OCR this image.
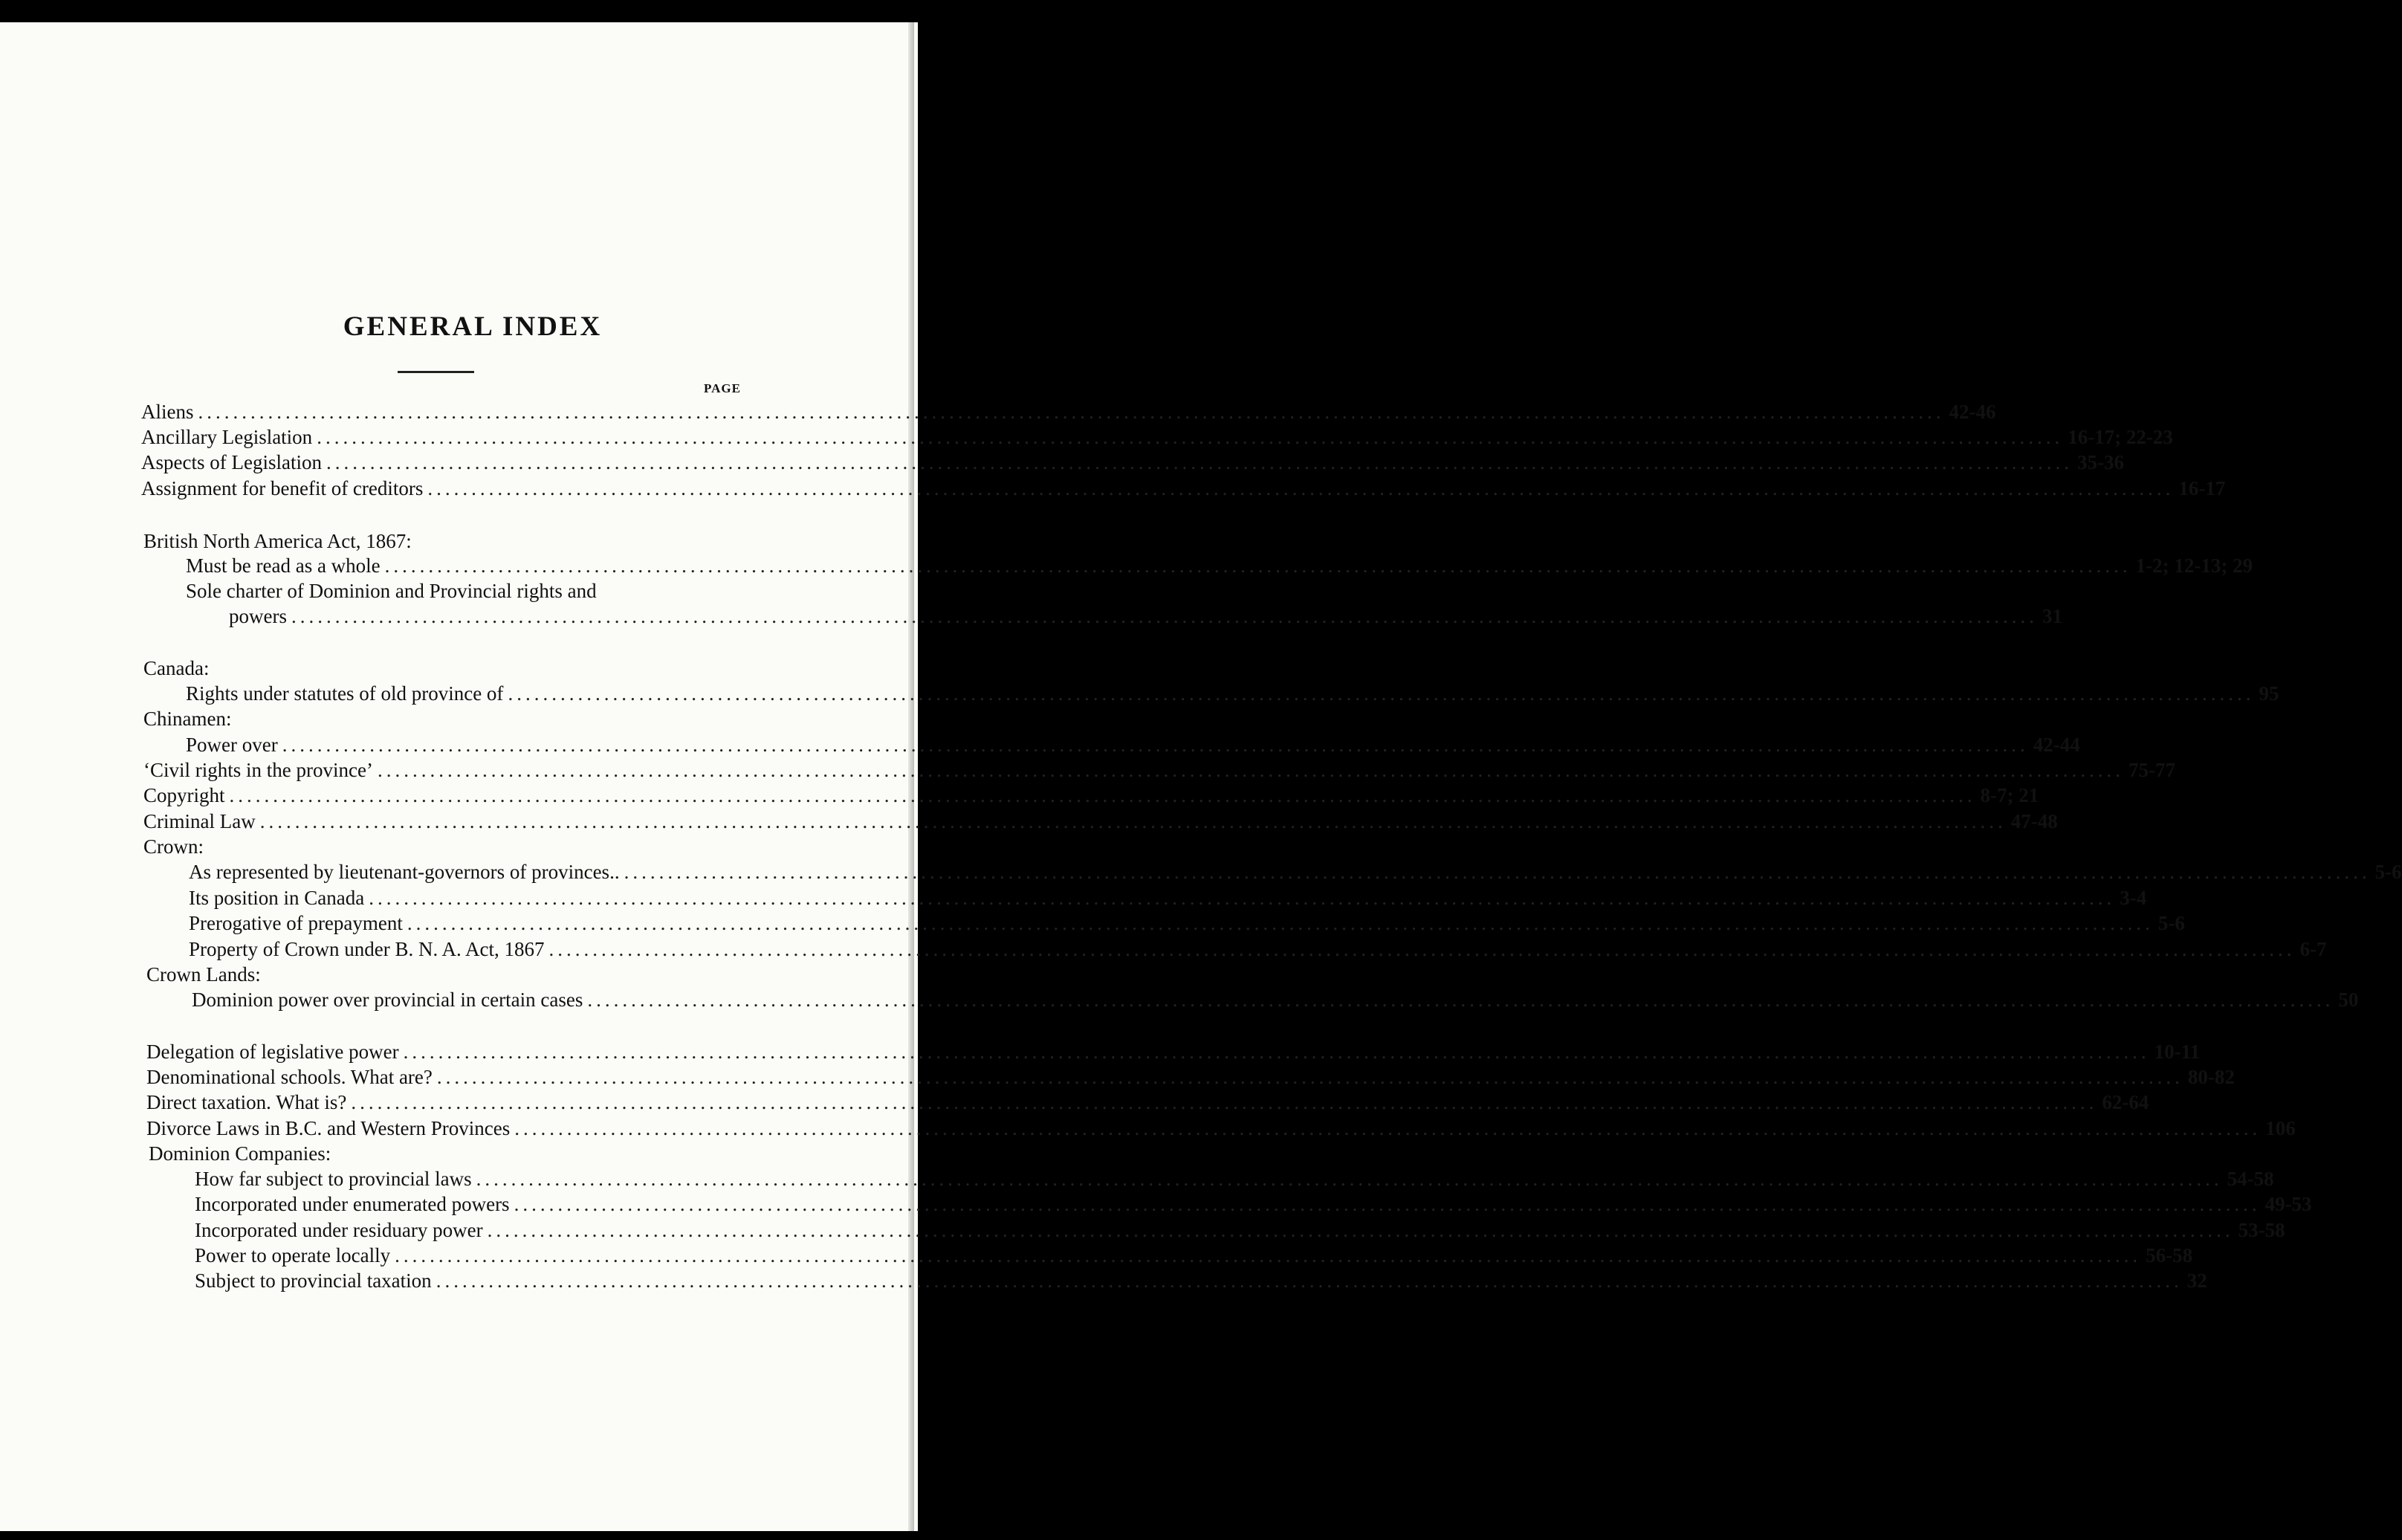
GENERAL INDEX
PAGE
Aliens ........................................................................................................................................................................................................ 42-46
Ancillary Legislation ........................................................................................................................................................................................................ 16-17; 22-23
Aspects of Legislation ........................................................................................................................................................................................................ 35-36
Assignment for benefit of creditors ........................................................................................................................................................................................................ 16-17
British North America Act, 1867:
Must be read as a whole ........................................................................................................................................................................................................ 1-2; 12-13; 29
Sole charter of Dominion and Provincial rights and
powers ........................................................................................................................................................................................................ 31
Canada:
Rights under statutes of old province of ........................................................................................................................................................................................................ 95
Chinamen:
Power over ........................................................................................................................................................................................................ 42-44
‘Civil rights in the province’ ........................................................................................................................................................................................................ 75-77
Copyright ........................................................................................................................................................................................................ 8-7; 21
Criminal Law ........................................................................................................................................................................................................ 47-48
Crown:
As represented by lieutenant-governors of provinces.. ........................................................................................................................................................................................................ 5-6
Its position in Canada ........................................................................................................................................................................................................ 3-4
Prerogative of prepayment ........................................................................................................................................................................................................ 5-6
Property of Crown under B. N. A. Act, 1867 ........................................................................................................................................................................................................ 6-7
Crown Lands:
Dominion power over provincial in certain cases ........................................................................................................................................................................................................ 50
Delegation of legislative power ........................................................................................................................................................................................................ 10-11
Denominational schools. What are? ........................................................................................................................................................................................................ 80-82
Direct taxation. What is? ........................................................................................................................................................................................................ 62-64
Divorce Laws in B.C. and Western Provinces ........................................................................................................................................................................................................ 106
Dominion Companies:
How far subject to provincial laws ........................................................................................................................................................................................................ 54-58
Incorporated under enumerated powers ........................................................................................................................................................................................................ 49-53
Incorporated under residuary power ........................................................................................................................................................................................................ 53-58
Power to operate locally ........................................................................................................................................................................................................ 56-58
Subject to provincial taxation ........................................................................................................................................................................................................ 32
